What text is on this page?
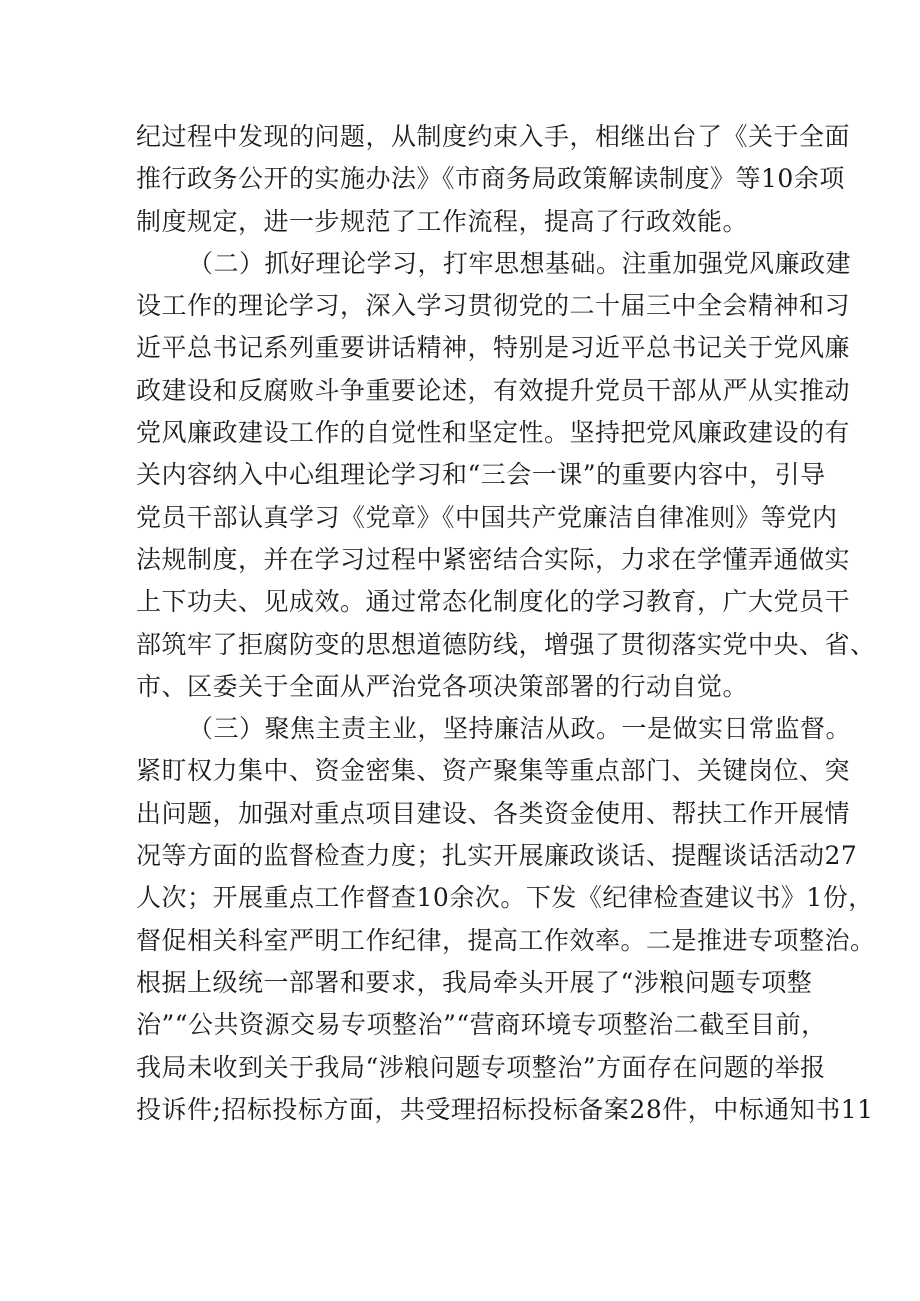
纪过程中发现的问题，从制度约束入手，相继出台了《关于全面
推行政务公开的实施办法》《市商务局政策解读制度》等10余项
制度规定，进一步规范了工作流程，提高了行政效能。
（二）抓好理论学习，打牢思想基础。注重加强党风廉政建
设工作的理论学习，深入学习贯彻党的二十届三中全会精神和习
近平总书记系列重要讲话精神，特别是习近平总书记关于党风廉
政建设和反腐败斗争重要论述，有效提升党员干部从严从实推动
党风廉政建设工作的自觉性和坚定性。坚持把党风廉政建设的有
关内容纳入中心组理论学习和“三会一课”的重要内容中，引导
党员干部认真学习《党章》《中国共产党廉洁自律准则》等党内
法规制度，并在学习过程中紧密结合实际，力求在学懂弄通做实
上下功夫、见成效。通过常态化制度化的学习教育，广大党员干
部筑牢了拒腐防变的思想道德防线，增强了贯彻落实党中央、省、
市、区委关于全面从严治党各项决策部署的行动自觉。
（三）聚焦主责主业，坚持廉洁从政。一是做实日常监督。
紧盯权力集中、资金密集、资产聚集等重点部门、关键岗位、突
出问题，加强对重点项目建设、各类资金使用、帮扶工作开展情
况等方面的监督检查力度；扎实开展廉政谈话、提醒谈话活动27
人次；开展重点工作督查10余次。下发《纪律检查建议书》1份，
督促相关科室严明工作纪律，提高工作效率。二是推进专项整治。
根据上级统一部署和要求，我局牵头开展了“涉粮问题专项整
治”“公共资源交易专项整治”“营商环境专项整治二截至目前，
我局未收到关于我局“涉粮问题专项整治”方面存在问题的举报
投诉件;招标投标方面，共受理招标投标备案28件，中标通知书11
